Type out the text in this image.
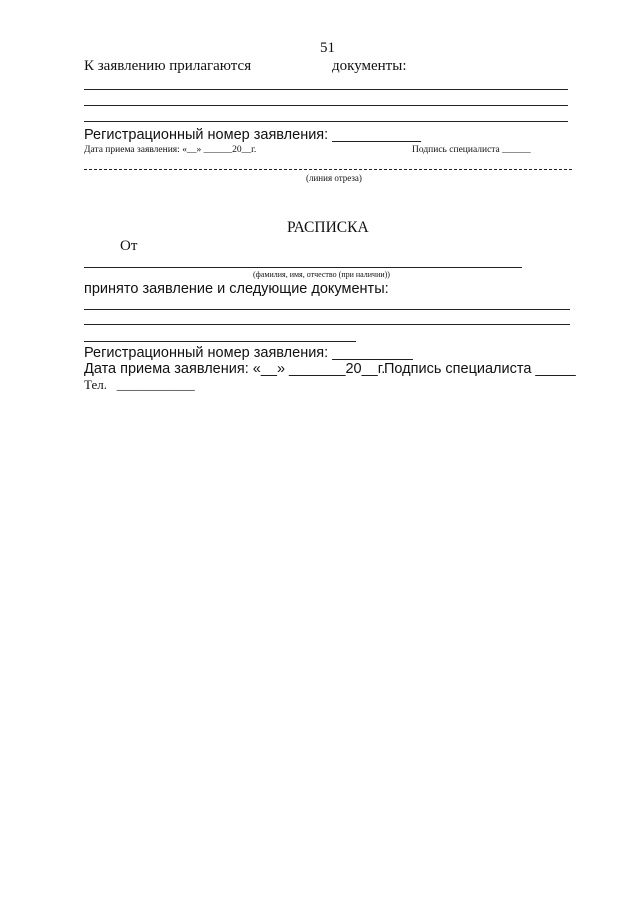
51
К заявлению прилагаются	документы:
Регистрационный номер заявления: ___________
Дата приема заявления: «__» ______20__г.	Подпись специалиста ______
(линия отреза)
РАСПИСКА
От
(фамилия, имя, отчество (при наличии))
принято заявление и следующие документы:
Регистрационный номер заявления: __________
Дата приема заявления: «__» _______20__г.
Подпись специалиста _____
Тел.   ____________
